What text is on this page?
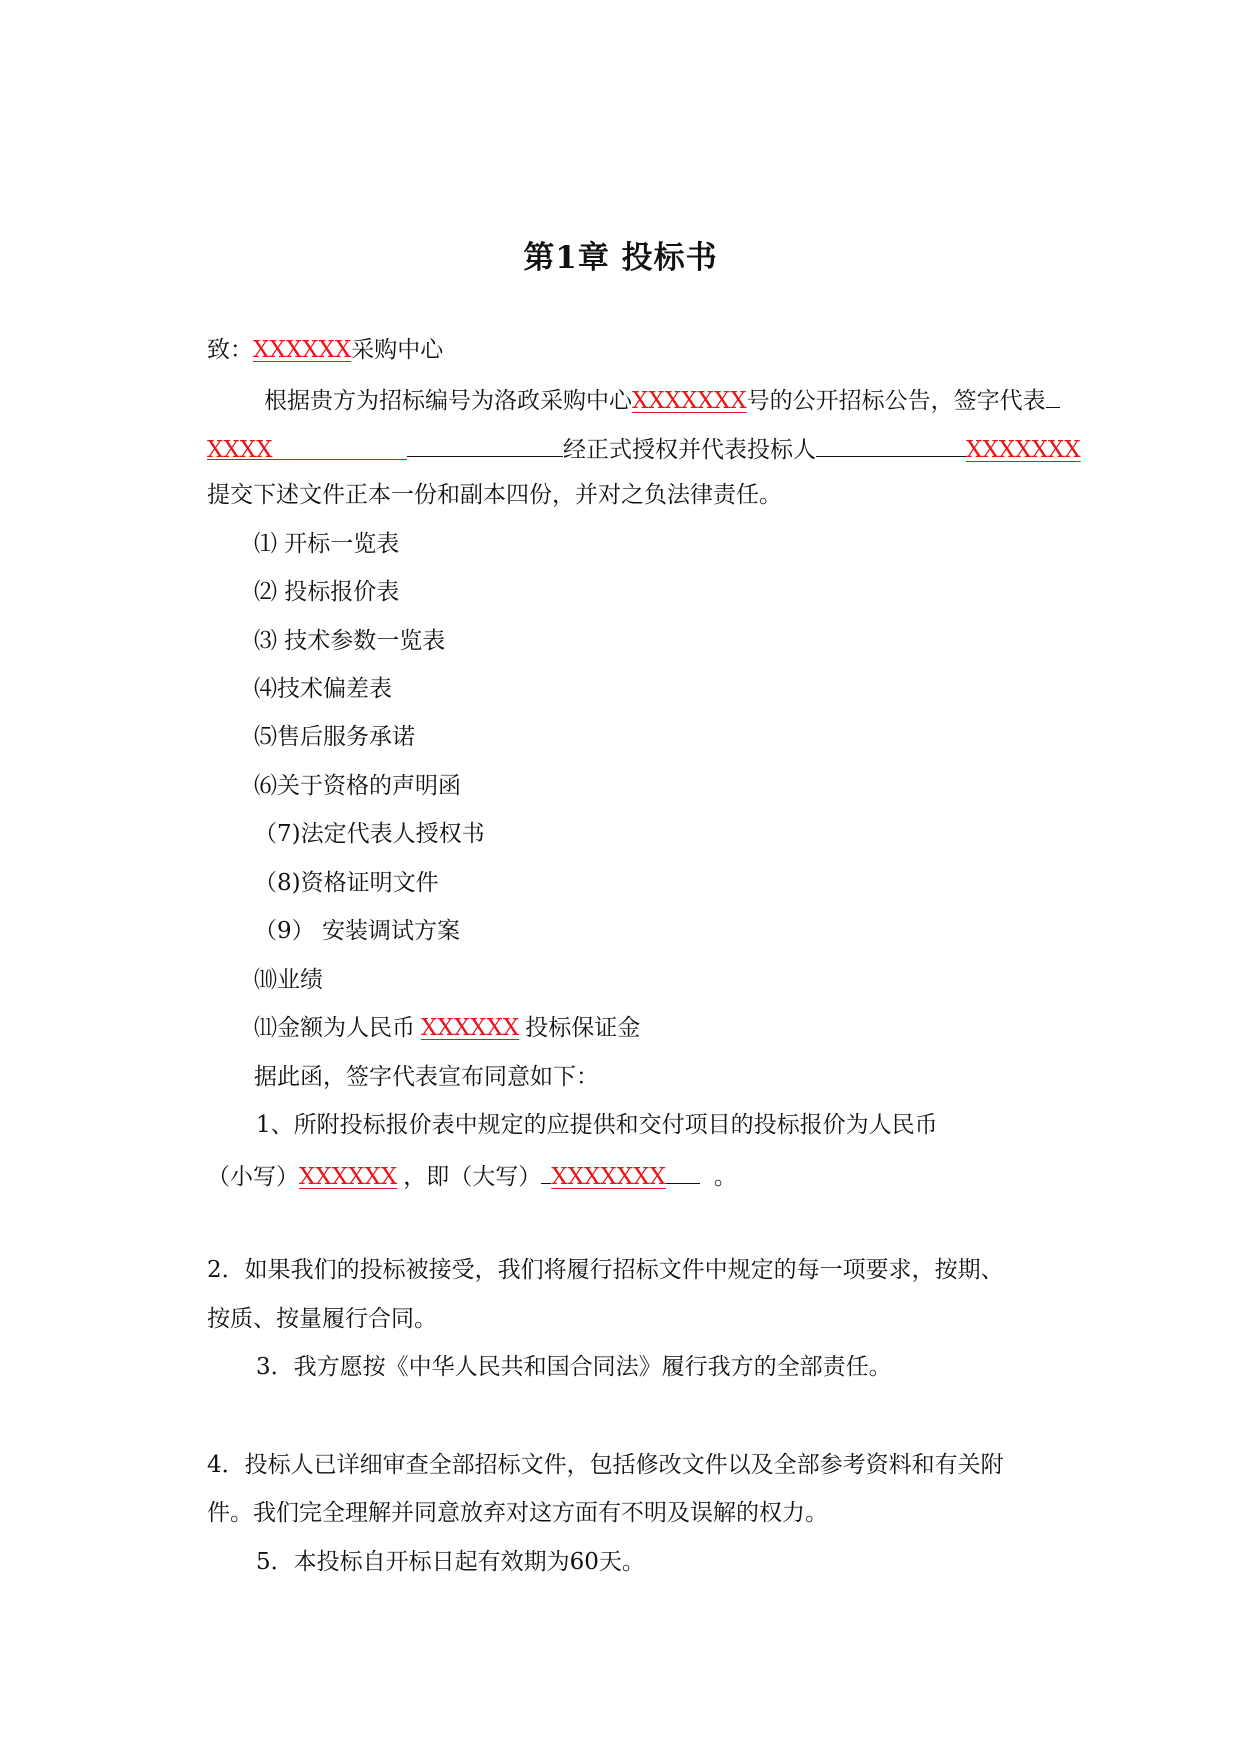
第1章 投标书
致：XXXXXX采购中心
根据贵方为招标编号为洛政采购中心XXXXXXX号的公开招标公告，签字代表
XXXX	经正式授权并代表投标人	XXXXXXX
提交下述文件正本一份和副本四份，并对之负法律责任。
⑴ 开标一览表
⑵ 投标报价表
⑶ 技术参数一览表
⑷技术偏差表
⑸售后服务承诺
⑹关于资格的声明函
（7)法定代表人授权书
（8)资格证明文件
（9） 安装调试方案
⑽业绩
⑾金额为人民币 XXXXXX 投标保证金
据此函，签字代表宣布同意如下：
1、所附投标报价表中规定的应提供和交付项目的投标报价为人民币
（小写）XXXXXX ，即（大写） XXXXXXX 。
2．如果我们的投标被接受，我们将履行招标文件中规定的每一项要求，按期、
按质、按量履行合同。
3．我方愿按《中华人民共和国合同法》履行我方的全部责任。
4．投标人已详细审查全部招标文件，包括修改文件以及全部参考资料和有关附
件。我们完全理解并同意放弃对这方面有不明及误解的权力。
5．本投标自开标日起有效期为60天。
